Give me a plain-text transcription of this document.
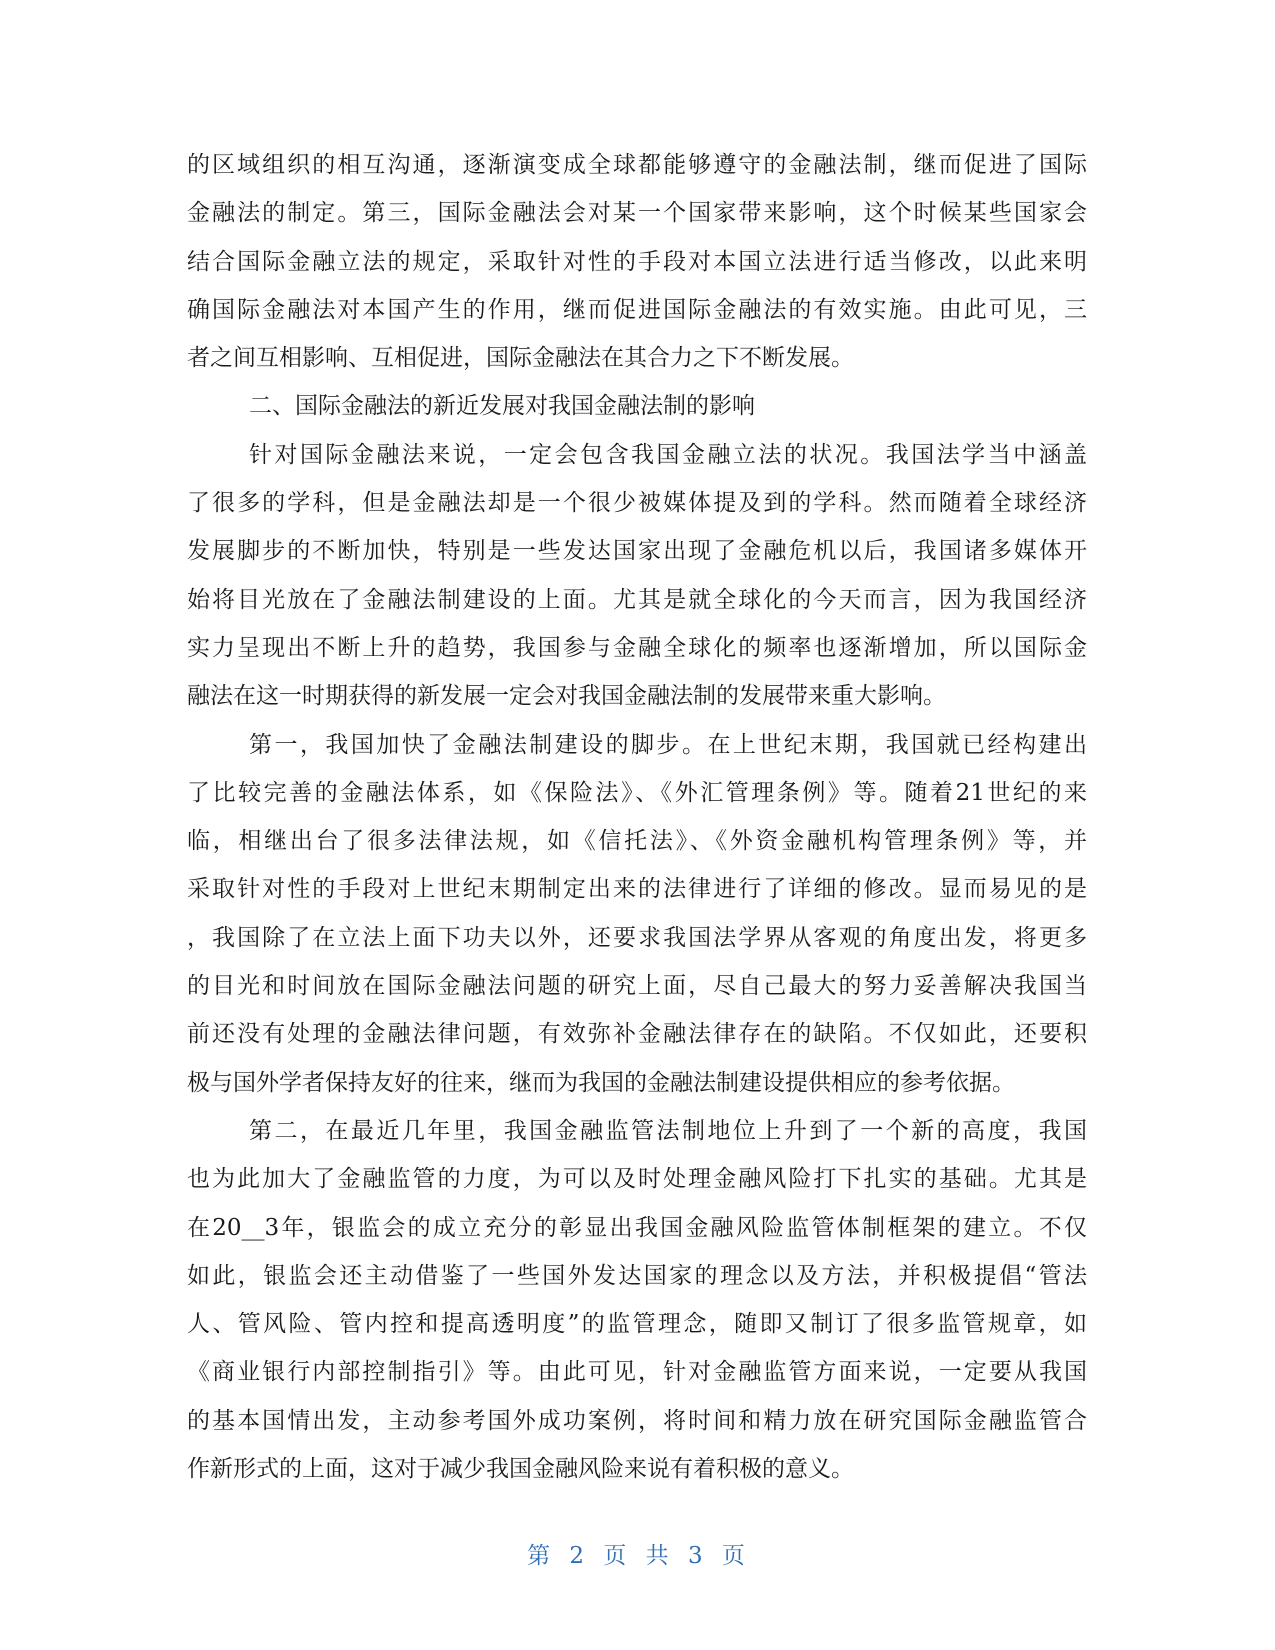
的区域组织的相互沟通，逐渐演变成全球都能够遵守的金融法制，继而促进了国际
金融法的制定。第三，国际金融法会对某一个国家带来影响，这个时候某些国家会
结合国际金融立法的规定，采取针对性的手段对本国立法进行适当修改，以此来明
确国际金融法对本国产生的作用，继而促进国际金融法的有效实施。由此可见，三
者之间互相影响、互相促进，国际金融法在其合力之下不断发展。
二、国际金融法的新近发展对我国金融法制的影响
针对国际金融法来说，一定会包含我国金融立法的状况。我国法学当中涵盖
了很多的学科，但是金融法却是一个很少被媒体提及到的学科。然而随着全球经济
发展脚步的不断加快，特别是一些发达国家出现了金融危机以后，我国诸多媒体开
始将目光放在了金融法制建设的上面。尤其是就全球化的今天而言，因为我国经济
实力呈现出不断上升的趋势，我国参与金融全球化的频率也逐渐增加，所以国际金
融法在这一时期获得的新发展一定会对我国金融法制的发展带来重大影响。
第一，我国加快了金融法制建设的脚步。在上世纪末期，我国就已经构建出
了比较完善的金融法体系，如《保险法》、《外汇管理条例》等。随着21世纪的来
临，相继出台了很多法律法规，如《信托法》、《外资金融机构管理条例》等，并
采取针对性的手段对上世纪末期制定出来的法律进行了详细的修改。显而易见的是
，我国除了在立法上面下功夫以外，还要求我国法学界从客观的角度出发，将更多
的目光和时间放在国际金融法问题的研究上面，尽自己最大的努力妥善解决我国当
前还没有处理的金融法律问题，有效弥补金融法律存在的缺陷。不仅如此，还要积
极与国外学者保持友好的往来，继而为我国的金融法制建设提供相应的参考依据。
第二，在最近几年里，我国金融监管法制地位上升到了一个新的高度，我国
也为此加大了金融监管的力度，为可以及时处理金融风险打下扎实的基础。尤其是
在20__3年，银监会的成立充分的彰显出我国金融风险监管体制框架的建立。不仅
如此，银监会还主动借鉴了一些国外发达国家的理念以及方法，并积极提倡“管法
人、管风险、管内控和提高透明度”的监管理念，随即又制订了很多监管规章，如
《商业银行内部控制指引》等。由此可见，针对金融监管方面来说，一定要从我国
的基本国情出发，主动参考国外成功案例，将时间和精力放在研究国际金融监管合
作新形式的上面，这对于减少我国金融风险来说有着积极的意义。
第 2 页 共 3 页
